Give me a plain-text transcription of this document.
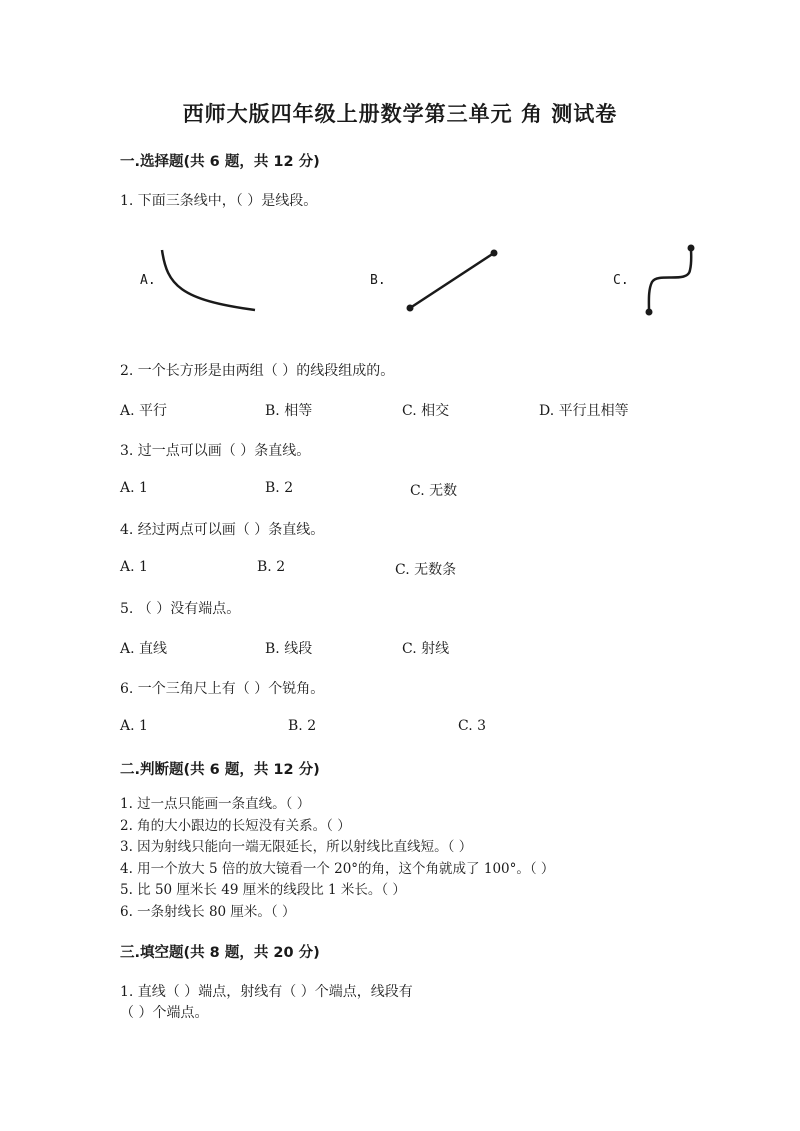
西师大版四年级上册数学第三单元 角 测试卷
一.选择题(共 6 题，共 12 分)
1. 下面三条线中，（ ）是线段。
A.	B.	C.
2. 一个长方形是由两组（ ）的线段组成的。
A. 平行	B. 相等	C. 相交	D. 平行且相等
3. 过一点可以画（ ）条直线。
A. 1	B. 2	C. 无数
4. 经过两点可以画（ ）条直线。
A. 1	B. 2	C. 无数条
5. （ ）没有端点。
A. 直线	B. 线段	C. 射线
6. 一个三角尺上有（ ）个锐角。
A. 1	B. 2	C. 3
二.判断题(共 6 题，共 12 分)
1. 过一点只能画一条直线。（ ）
2. 角的大小跟边的长短没有关系。（ ）
3. 因为射线只能向一端无限延长，所以射线比直线短。（ ）
4. 用一个放大 5 倍的放大镜看一个 20°的角，这个角就成了 100°。（ ）
5. 比 50 厘米长 49 厘米的线段比 1 米长。（ ）
6. 一条射线长 80 厘米。（ ）
三.填空题(共 8 题，共 20 分)
1. 直线（ ）端点，射线有（ ）个端点，线段有
（ ）个端点。
